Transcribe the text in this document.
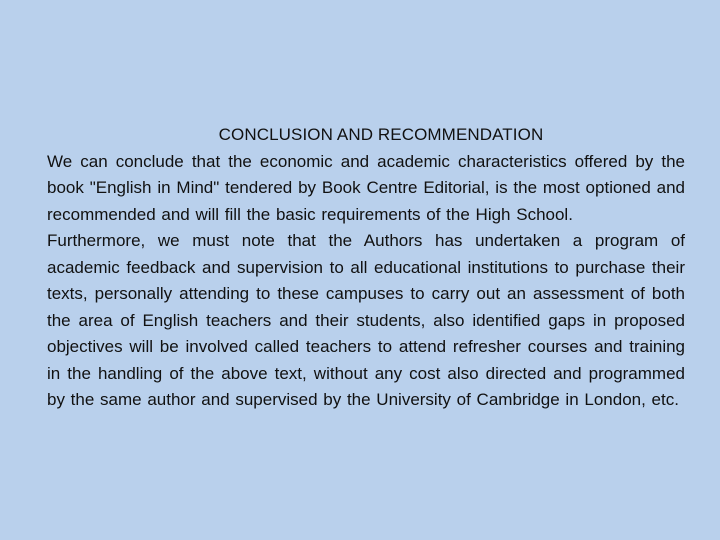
CONCLUSION AND RECOMMENDATION

We can conclude that the economic and academic characteristics offered by the book "English in Mind" tendered by Book Centre Editorial, is the most optioned and recommended and will fill the basic requirements of the High School.

Furthermore, we must note that the Authors has undertaken a program of academic feedback and supervision to all educational institutions to purchase their texts, personally attending to these campuses to carry out an assessment of both the area of English teachers and their students, also identified gaps in proposed objectives will be involved called teachers to attend refresher courses and training in the handling of the above text, without any cost also directed and programmed by the same author and supervised by the University of Cambridge in London, etc.
